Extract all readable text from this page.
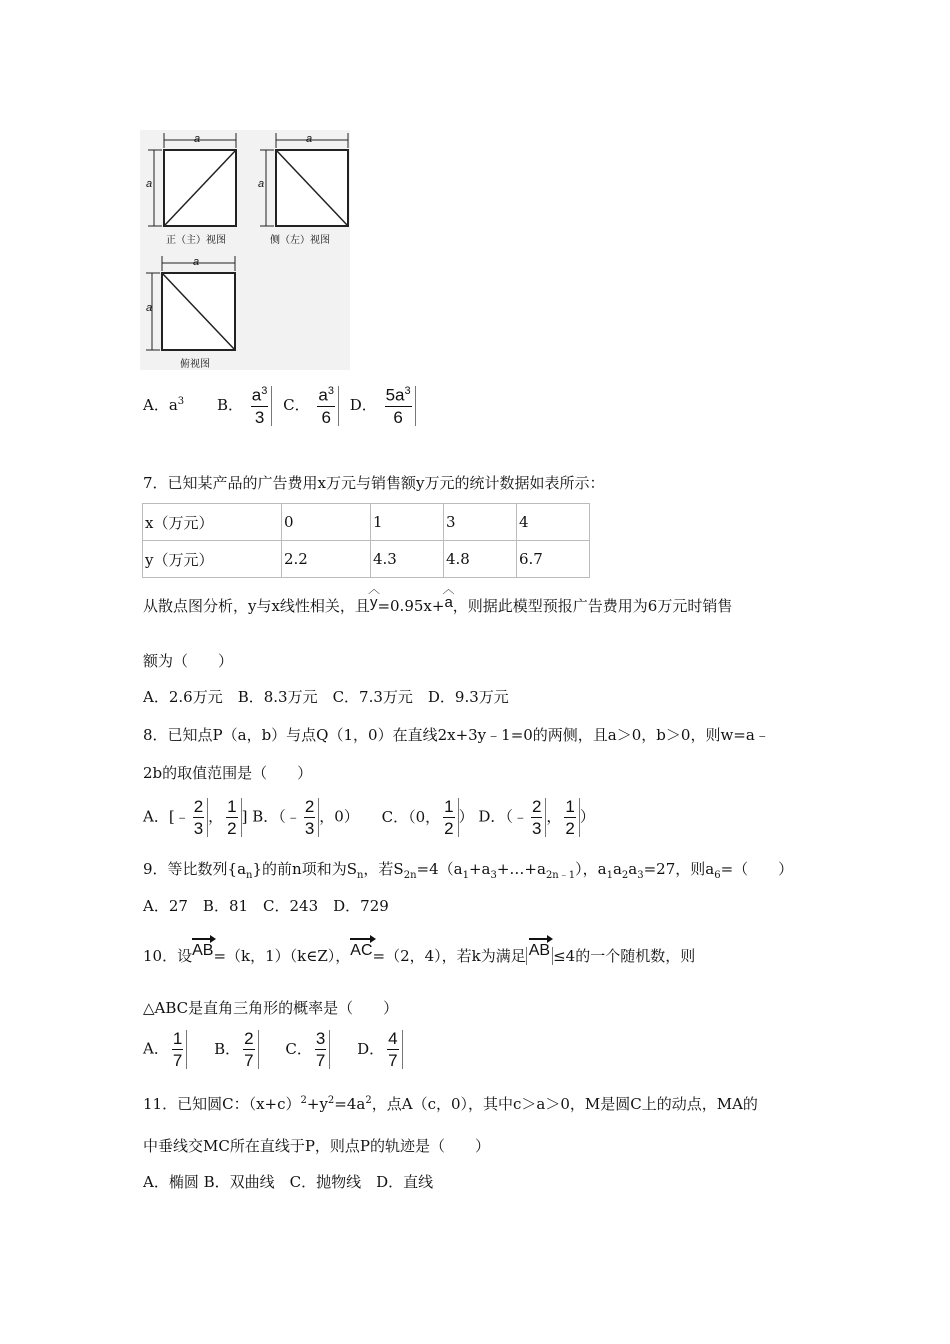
a
a
a
a
a
a
正（主）视图	侧（左）视图
俯视图
A．$a^3$ B． $\frac{a^3}{3}$ C． $\frac{a^3}{6}$ D． $\frac{5a^3}{6}$
7．已知某产品的广告费用x万元与销售额y万元的统计数据如表所示：
x（万元）	0	1	3	4
y（万元）	2.2	4.3	4.8	6.7
从散点图分析，y与x线性相关，且︿ y=0.95x+︿ a，则据此模型预报广告费用为6万元时销售
额为（　　）
A．2.6万元　B．8.3万元　C．7.3万元　D．9.3万元
8．已知点P（a，b）与点Q（1，0）在直线2x+3y﹣1=0的两侧，且a＞0，b＞0，则w=a﹣
2b的取值范围是（　　）
A．[﹣ $\frac{2}{3}$ ， $\frac{1}{2}$ ] B．（﹣ $\frac{2}{3}$ ，0） C．（0， $\frac{1}{2}$ ） D．（﹣ $\frac{2}{3}$ ， $\frac{1}{2}$ ）
9．等比数列$\{a_n\}$的前n项和为$S_n$，若$S_{2n}=4(a_1+a_3+\dots+a_{2n﹣1})$，$a_1a_2a_3=27$，则$a_6=$（　　）
A．27　B．81　C．243　D．729
10．设AB=（k，1）（k∈Z），AC=（2，4），若k为满足 AB ≤4的一个随机数，则
△ABC是直角三角形的概率是（　　）
A． $\frac{1}{7}$ B． $\frac{2}{7}$ C． $\frac{3}{7}$ D． $\frac{4}{7}$
11．已知圆C：$(x+c)^2+y^2=4a^2$，点A（c，0），其中c＞a＞0，M是圆C上的动点，MA的
中垂线交MC所在直线于P，则点P的轨迹是（　　）
A．椭圆 B．双曲线　C．抛物线　D．直线
